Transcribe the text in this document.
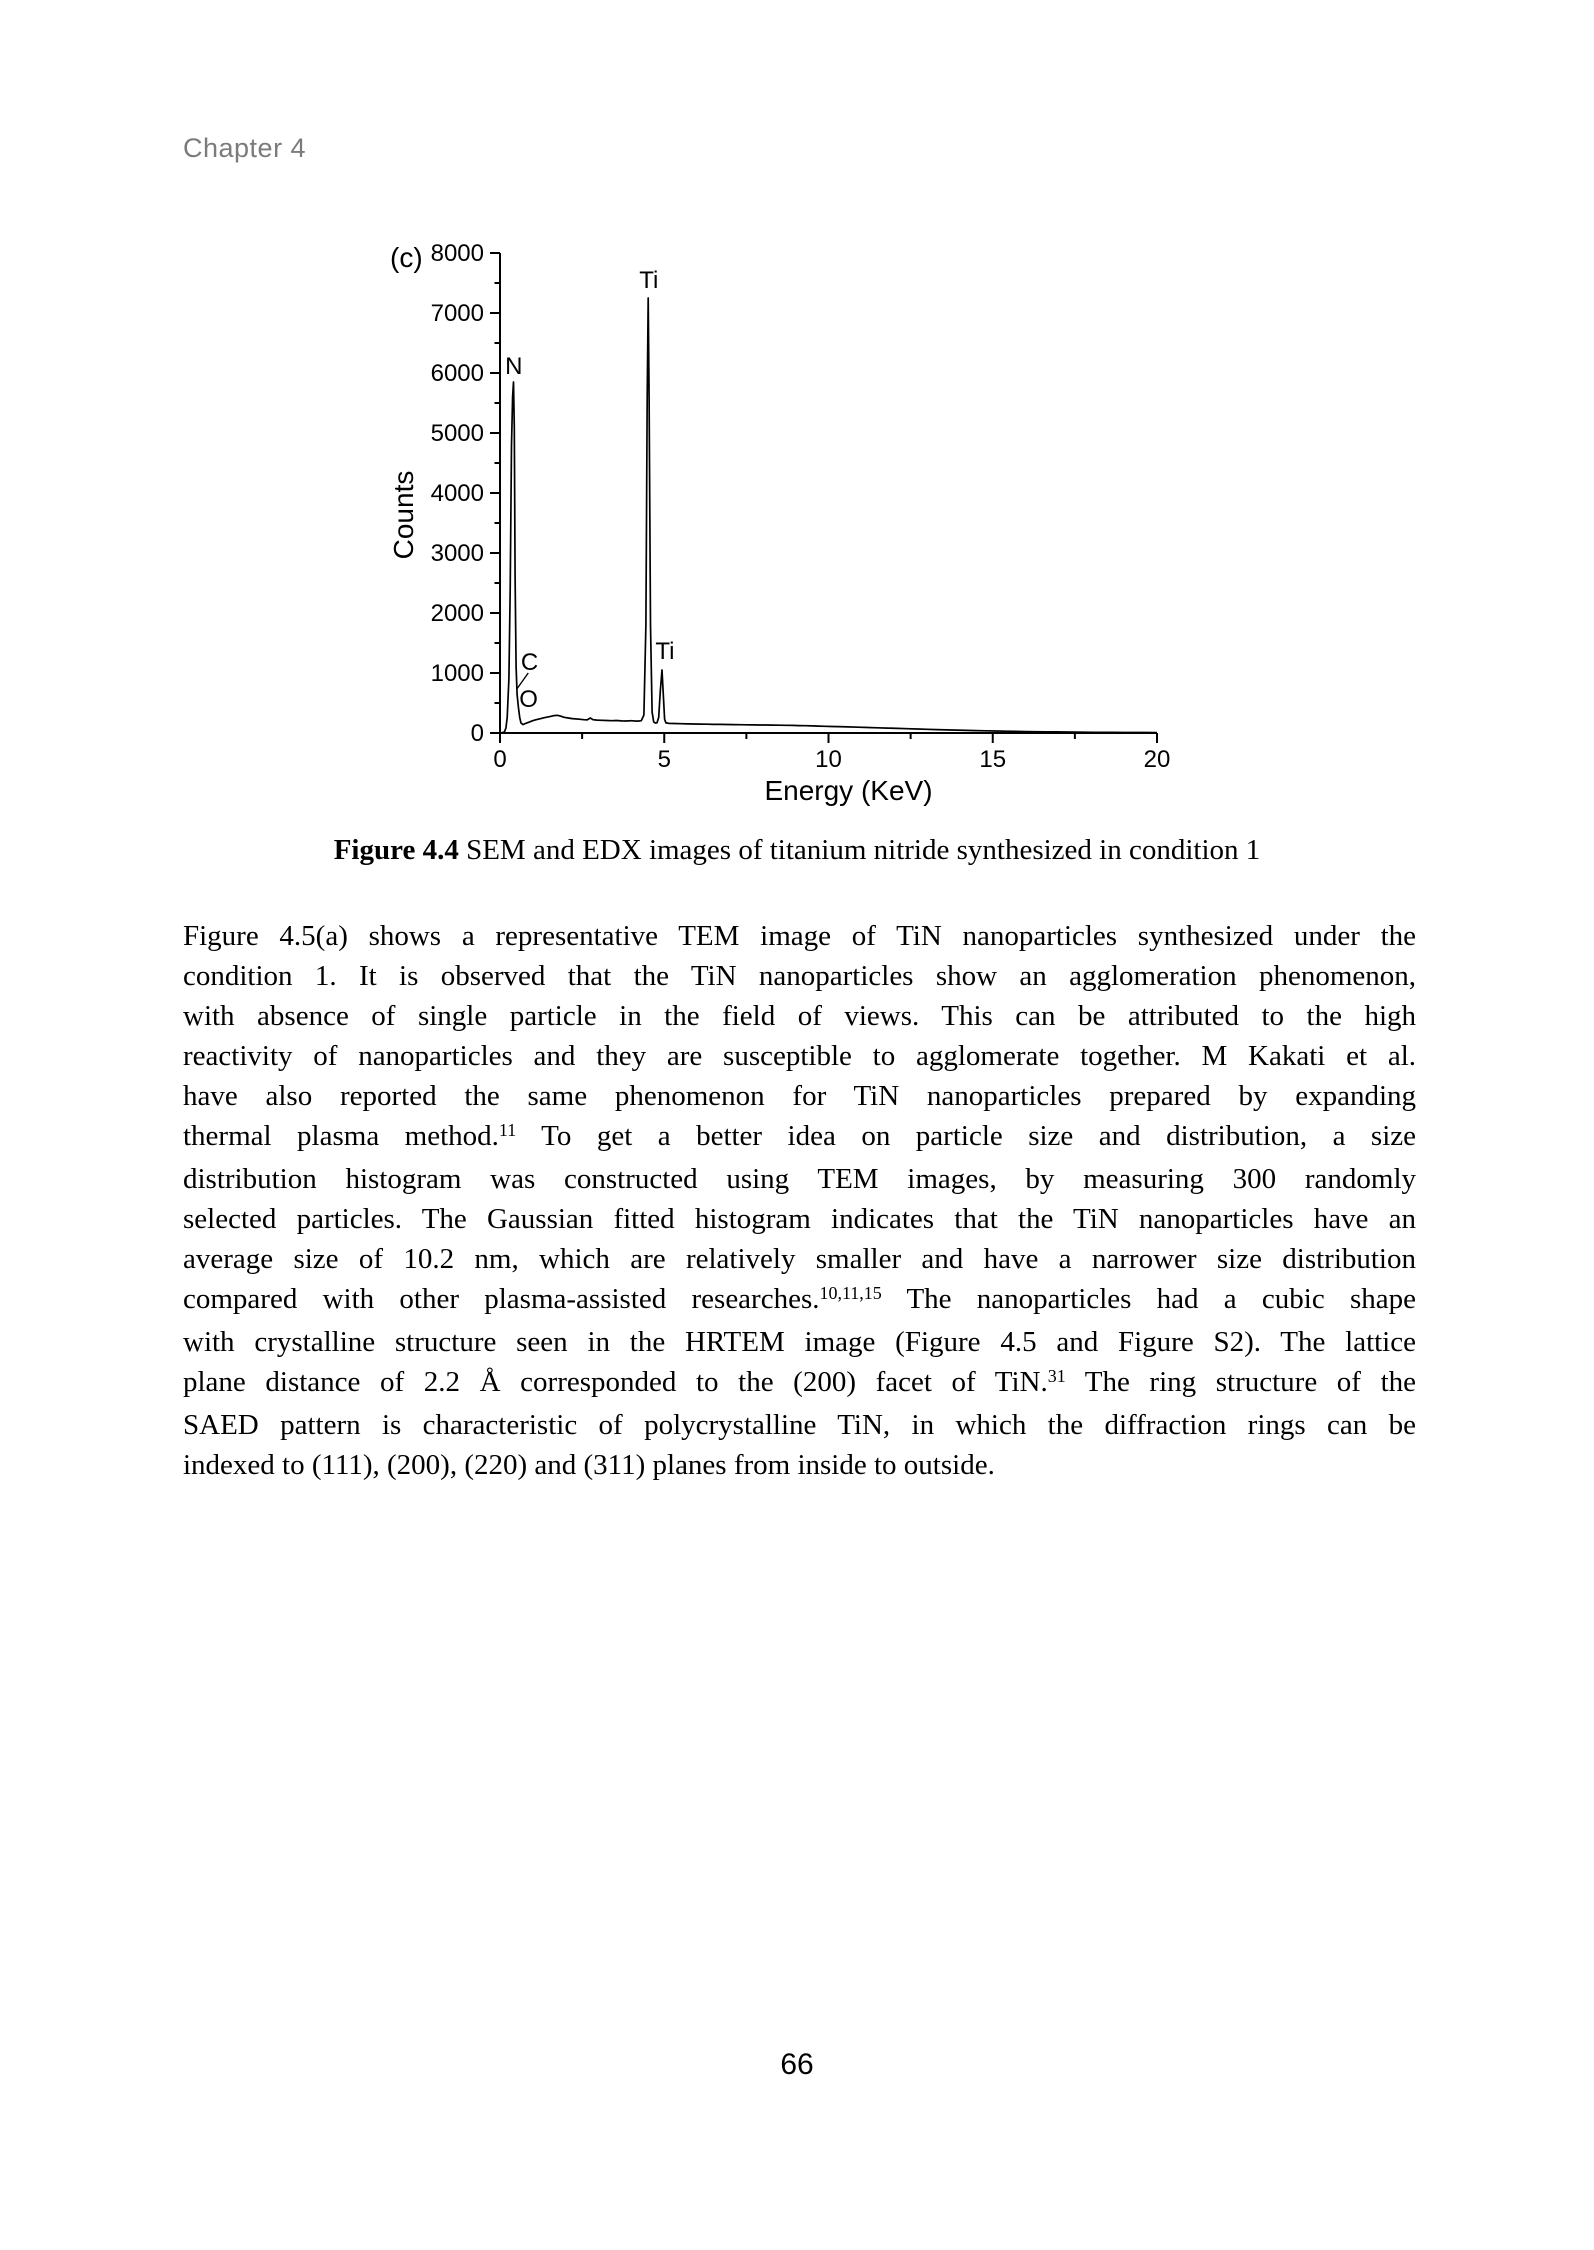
Chapter 4
0
1000
2000
3000
4000
5000
6000
7000
8000
0	5	10	15	20
N
Ti
Ti
C
O
(c)
Counts
Energy (KeV)
Figure 4.4 SEM and EDX images of titanium nitride synthesized in condition 1
Figure 4.5(a) shows a representative TEM image of TiN nanoparticles synthesized under the
condition 1. It is observed that the TiN nanoparticles show an agglomeration phenomenon,
with absence of single particle in the field of views. This can be attributed to the high
reactivity of nanoparticles and they are susceptible to agglomerate together. M Kakati et al.
have also reported the same phenomenon for TiN nanoparticles prepared by expanding
thermal plasma method.$^{11}$ To get a better idea on particle size and distribution, a size
distribution histogram was constructed using TEM images, by measuring 300 randomly
selected particles. The Gaussian fitted histogram indicates that the TiN nanoparticles have an
average size of 10.2 nm, which are relatively smaller and have a narrower size distribution
compared with other plasma-assisted researches.$^{10,11,15}$ The nanoparticles had a cubic shape
with crystalline structure seen in the HRTEM image (Figure 4.5 and Figure S2). The lattice
plane distance of 2.2 Å corresponded to the (200) facet of TiN.$^{31}$ The ring structure of the
SAED pattern is characteristic of polycrystalline TiN, in which the diffraction rings can be
indexed to (111), (200), (220) and (311) planes from inside to outside.
66
